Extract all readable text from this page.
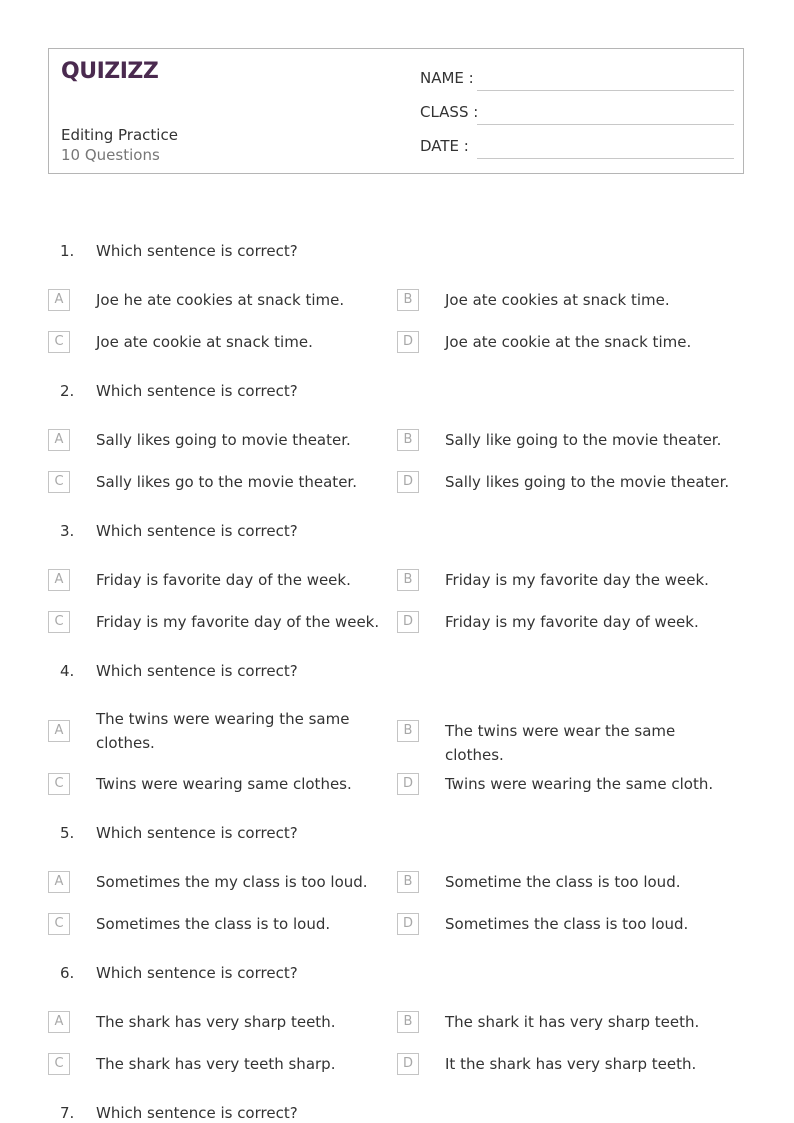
QUIZIZZ
Editing Practice
10 Questions
NAME :
CLASS :
DATE :
1. Which sentence is correct?
A	Joe he ate cookies at snack time.	B	Joe ate cookies at snack time.
C	Joe ate cookie at snack time.	D	Joe ate cookie at the snack time.
2. Which sentence is correct?
A	Sally likes going to movie theater.	B	Sally like going to the movie theater.
C	Sally likes go to the movie theater.	D	Sally likes going to the movie theater.
3. Which sentence is correct?
A	Friday is favorite day of the week.	B	Friday is my favorite day the week.
C	Friday is my favorite day of the week.	D	Friday is my favorite day of week.
4. Which sentence is correct?
A
The twins were wearing the same clothes.
B	The twins were wear the same clothes.
C	Twins were wearing same clothes.	D	Twins were wearing the same cloth.
5. Which sentence is correct?
A	Sometimes the my class is too loud.	B	Sometime the class is too loud.
C	Sometimes the class is to loud.	D	Sometimes the class is too loud.
6. Which sentence is correct?
A	The shark has very sharp teeth.	B	The shark it has very sharp teeth.
C	The shark has very teeth sharp.	D	It the shark has very sharp teeth.
7. Which sentence is correct?
